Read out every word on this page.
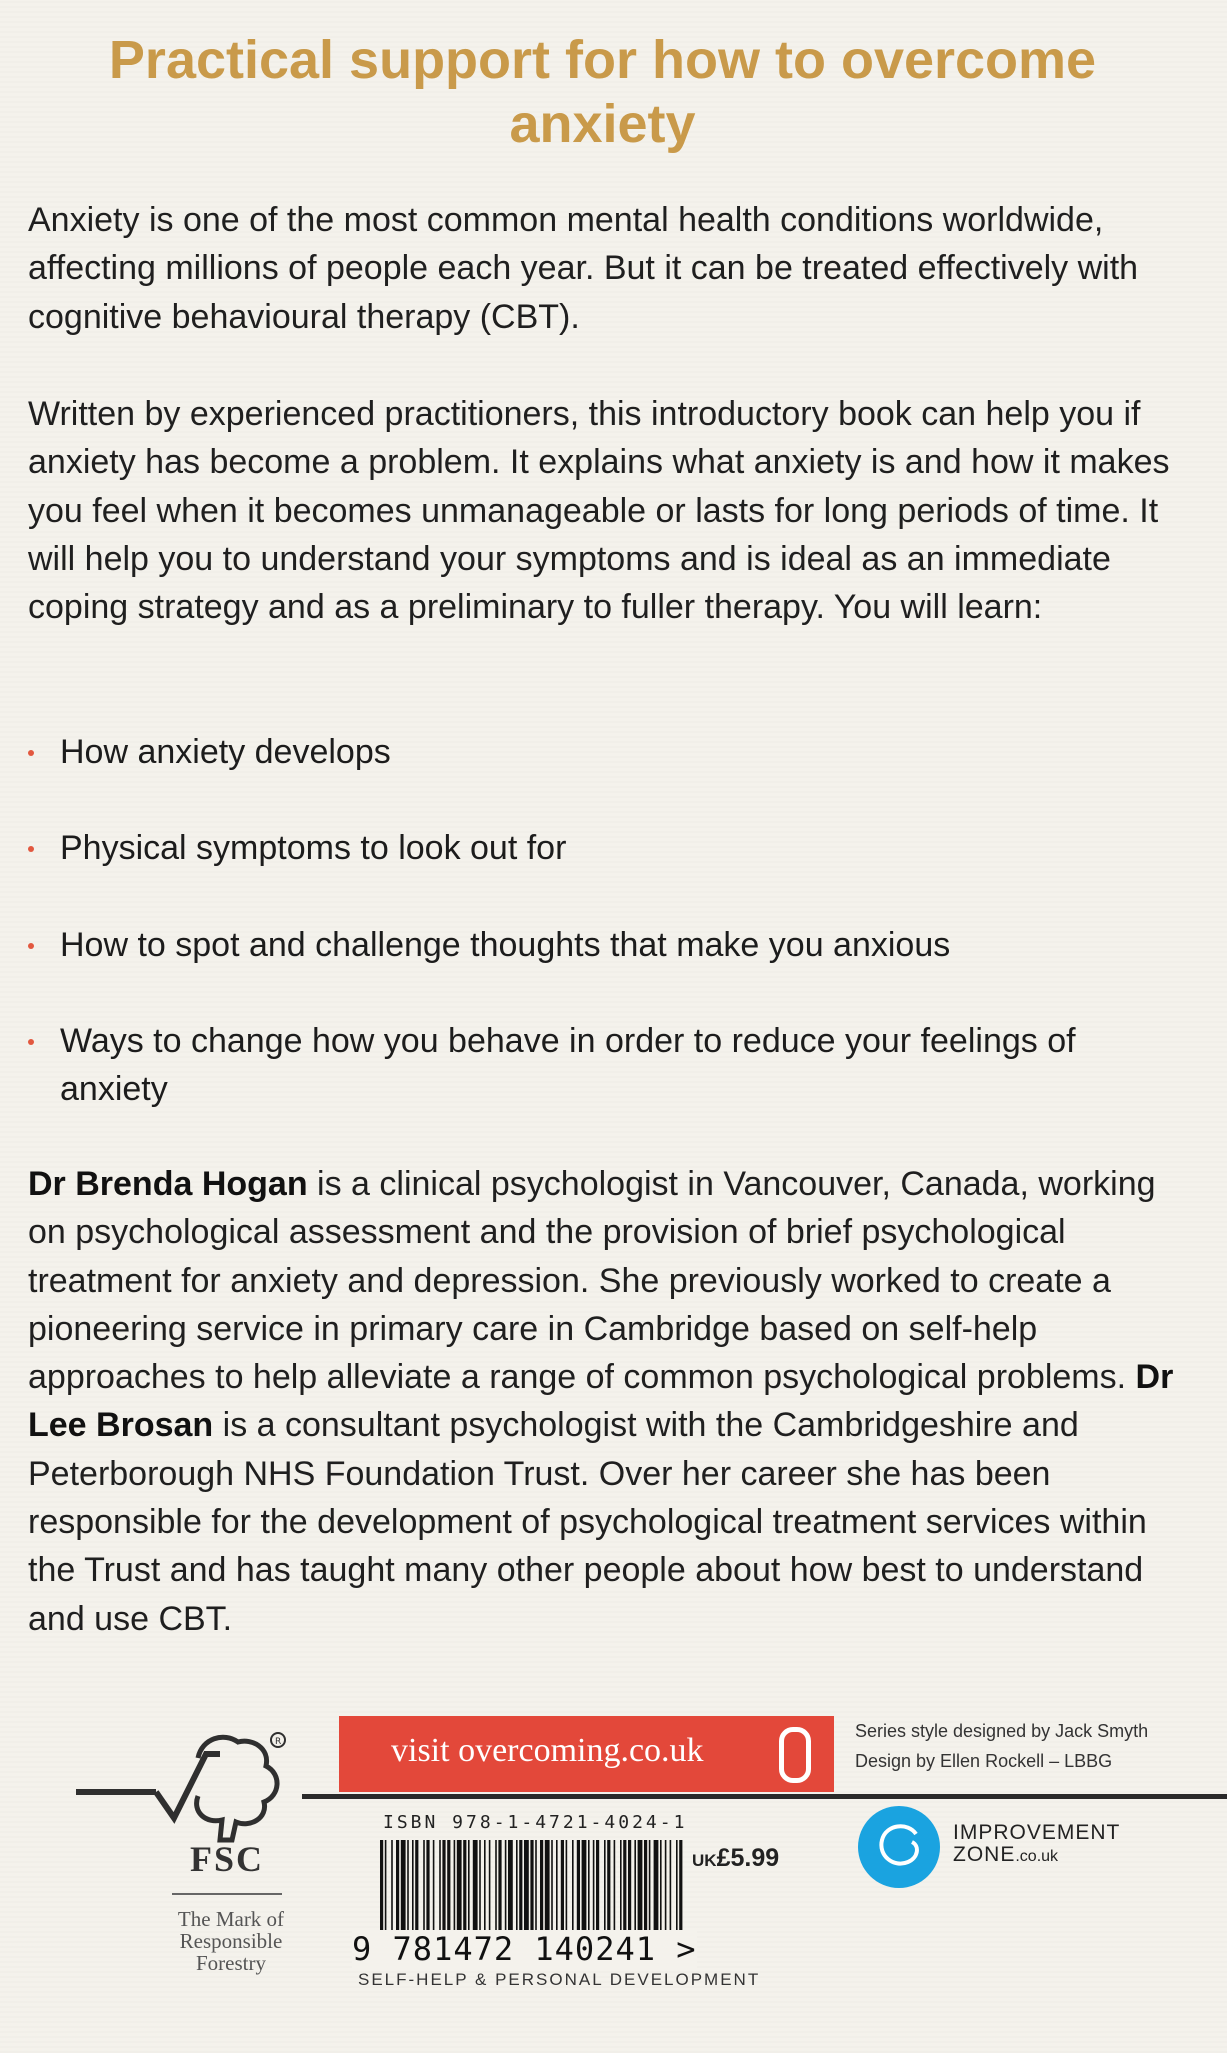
Practical support for how to overcome anxiety
Anxiety is one of the most common mental health conditions worldwide, affecting millions of people each year. But it can be treated effectively with cognitive behavioural therapy (CBT).
Written by experienced practitioners, this introductory book can help you if anxiety has become a problem. It explains what anxiety is and how it makes you feel when it becomes unmanageable or lasts for long periods of time. It will help you to understand your symptoms and is ideal as an immediate coping strategy and as a preliminary to fuller therapy. You will learn:
How anxiety develops
Physical symptoms to look out for
How to spot and challenge thoughts that make you anxious
Ways to change how you behave in order to reduce your feelings of anxiety
Dr Brenda Hogan is a clinical psychologist in Vancouver, Canada, working on psychological assessment and the provision of brief psychological treatment for anxiety and depression. She previously worked to create a pioneering service in primary care in Cambridge based on self-help approaches to help alleviate a range of common psychological problems. Dr Lee Brosan is a consultant psychologist with the Cambridgeshire and Peterborough NHS Foundation Trust. Over her career she has been responsible for the development of psychological treatment services within the Trust and has taught many other people about how best to understand and use CBT.
visit overcoming.co.uk
Series style designed by Jack Smyth
Design by Ellen Rockell – LBBG
R
FSC
The Mark of
Responsible
Forestry
ISBN 978-1-4721-4024-1
9 781472 140241 >
UK£5.99
SELF-HELP & PERSONAL DEVELOPMENT
IMPROVEMENT
ZONE.co.uk
